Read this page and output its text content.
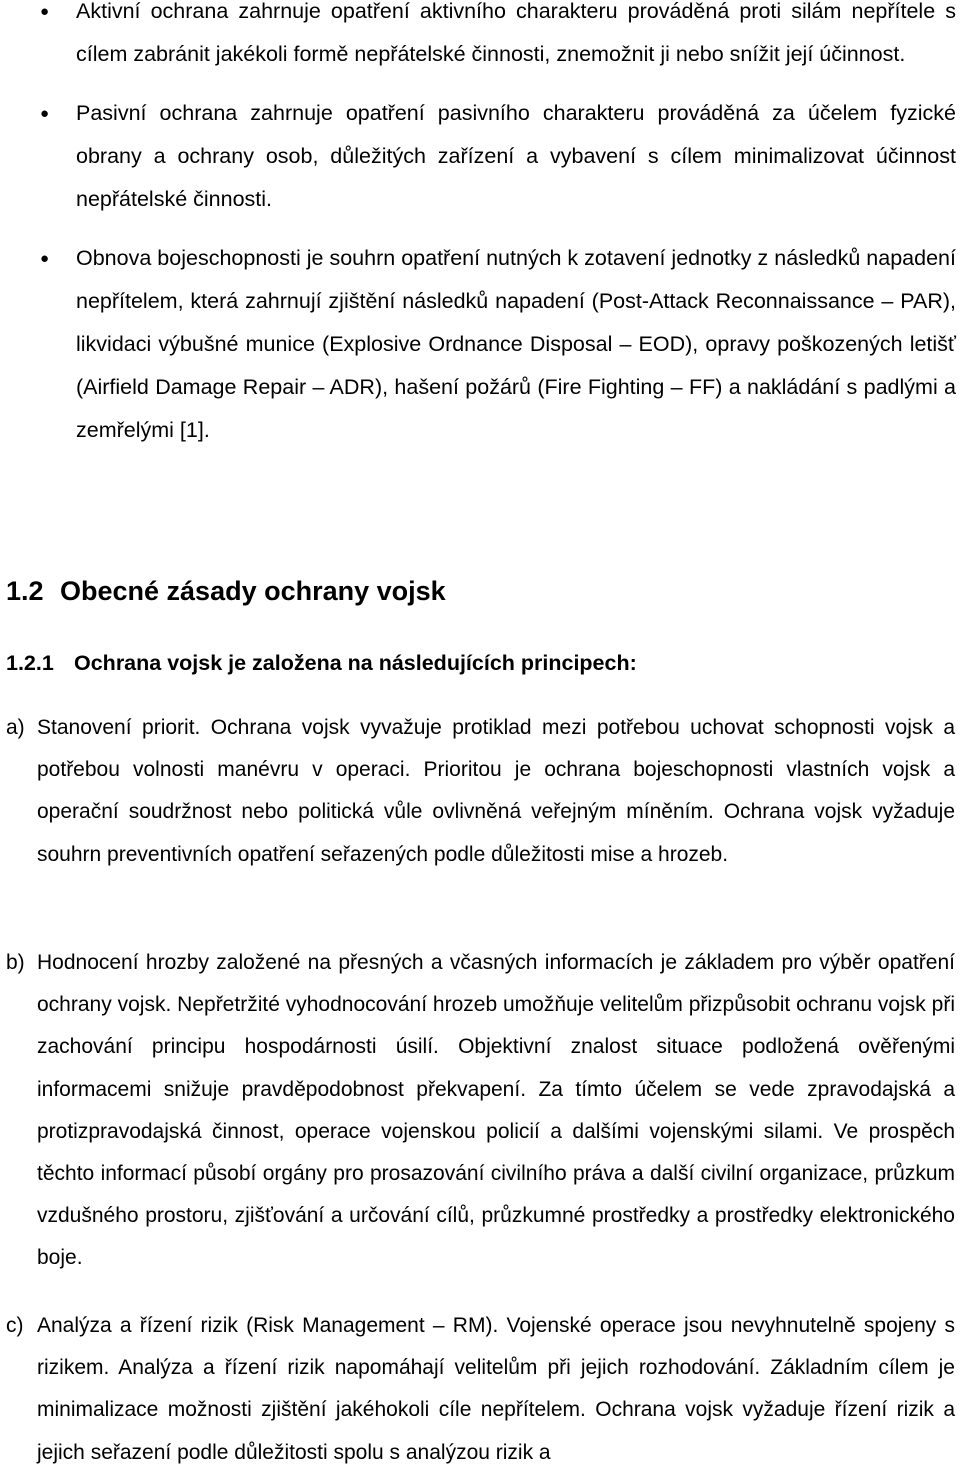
● Aktivní ochrana zahrnuje opatření aktivního charakteru prováděná proti silám nepřítele s cílem zabránit jakékoli formě nepřátelské činnosti, znemožnit ji nebo snížit její účinnost.

● Pasivní ochrana zahrnuje opatření pasivního charakteru prováděná za účelem fyzické obrany a ochrany osob, důležitých zařízení a vybavení s cílem minimalizovat účinnost nepřátelské činnosti.

● Obnova bojeschopnosti je souhrn opatření nutných k zotavení jednotky z následků napadení nepřítelem, která zahrnují zjištění následků napadení (Post-Attack Reconnaissance – PAR), likvidaci výbušné munice (Explosive Ordnance Disposal – EOD), opravy poškozených letišť (Airfield Damage Repair – ADR), hašení požárů (Fire Fighting – FF) a nakládání s padlými a zemřelými [1].

1.2 Obecné zásady ochrany vojsk
1.2.1 Ochrana vojsk je založena na následujících principech:
a) Stanovení priorit. Ochrana vojsk vyvažuje protiklad mezi potřebou uchovat schopnosti vojsk a potřebou volnosti manévru v operaci. Prioritou je ochrana bojeschopnosti vlastních vojsk a operační soudržnost nebo politická vůle ovlivněná veřejným míněním. Ochrana vojsk vyžaduje souhrn preventivních opatření seřazených podle důležitosti mise a hrozeb.

b) Hodnocení hrozby založené na přesných a včasných informacích je základem pro výběr opatření ochrany vojsk. Nepřetržité vyhodnocování hrozeb umožňuje velitelům přizpůsobit ochranu vojsk při zachování principu hospodárnosti úsilí. Objektivní znalost situace podložená ověřenými informacemi snižuje pravděpodobnost překvapení. Za tímto účelem se vede zpravodajská a protizpravodajská činnost, operace vojenskou policií a dalšími vojenskými silami. Ve prospěch těchto informací působí orgány pro prosazování civilního práva a další civilní organizace, průzkum vzdušného prostoru, zjišťování a určování cílů, průzkumné prostředky a prostředky elektronického boje.

c) Analýza a řízení rizik (Risk Management – RM). Vojenské operace jsou nevyhnutelně spojeny s rizikem. Analýza a řízení rizik napomáhají velitelům při jejich rozhodování. Základním cílem je minimalizace možnosti zjištění jakéhokoli cíle nepřítelem. Ochrana vojsk vyžaduje řízení rizik a jejich seřazení podle důležitosti spolu s analýzou rizik a
